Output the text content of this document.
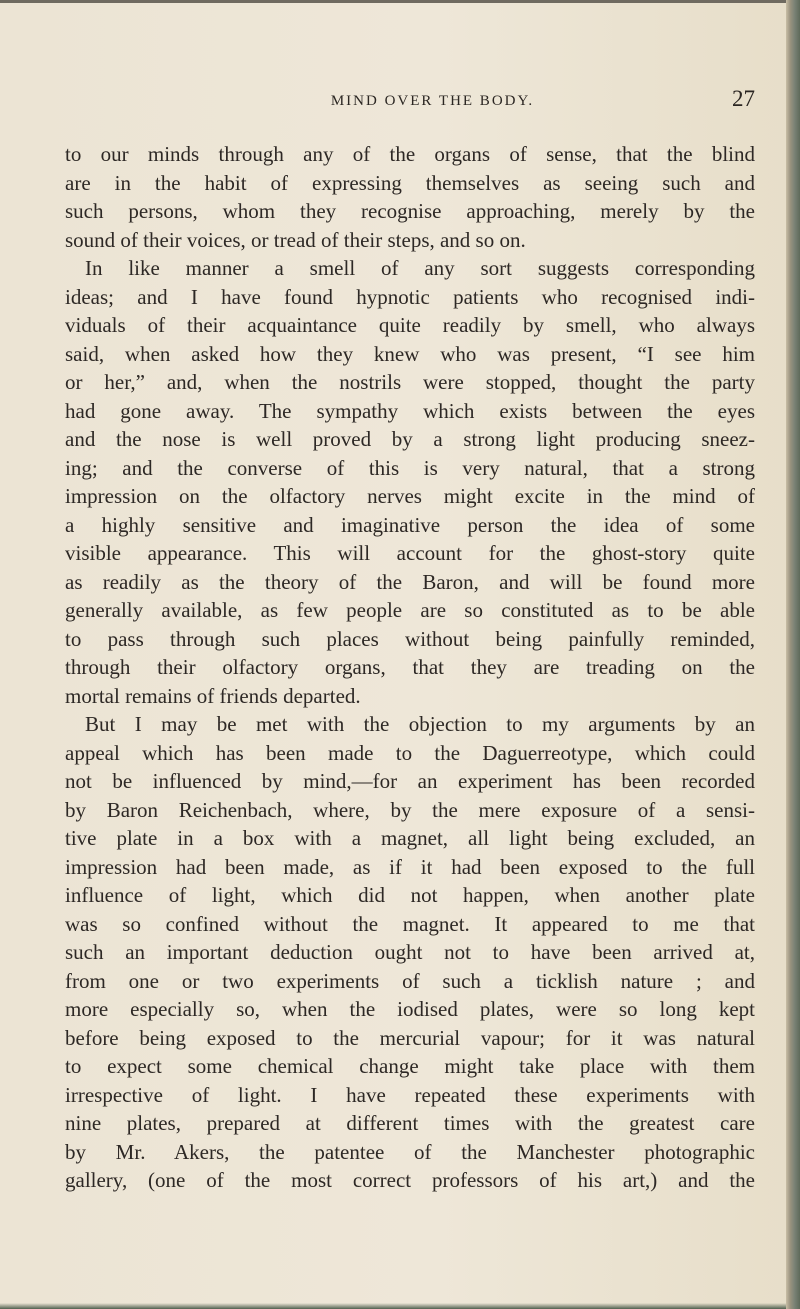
MIND OVER THE BODY.	27
to our minds through any of the organs of sense, that the blind
are in the habit of expressing themselves as seeing such and
such persons, whom they recognise approaching, merely by the
sound of their voices, or tread of their steps, and so on.
In like manner a smell of any sort suggests corresponding
ideas; and I have found hypnotic patients who recognised indi-
viduals of their acquaintance quite readily by smell, who always
said, when asked how they knew who was present, “I see him
or her,” and, when the nostrils were stopped, thought the party
had gone away. The sympathy which exists between the eyes
and the nose is well proved by a strong light producing sneez-
ing; and the converse of this is very natural, that a strong
impression on the olfactory nerves might excite in the mind of
a highly sensitive and imaginative person the idea of some
visible appearance. This will account for the ghost-story quite
as readily as the theory of the Baron, and will be found more
generally available, as few people are so constituted as to be able
to pass through such places without being painfully reminded,
through their olfactory organs, that they are treading on the
mortal remains of friends departed.
But I may be met with the objection to my arguments by an
appeal which has been made to the Daguerreotype, which could
not be influenced by mind,—for an experiment has been recorded
by Baron Reichenbach, where, by the mere exposure of a sensi-
tive plate in a box with a magnet, all light being excluded, an
impression had been made, as if it had been exposed to the full
influence of light, which did not happen, when another plate
was so confined without the magnet. It appeared to me that
such an important deduction ought not to have been arrived at,
from one or two experiments of such a ticklish nature ; and
more especially so, when the iodised plates, were so long kept
before being exposed to the mercurial vapour; for it was natural
to expect some chemical change might take place with them
irrespective of light. I have repeated these experiments with
nine plates, prepared at different times with the greatest care
by Mr. Akers, the patentee of the Manchester photographic
gallery, (one of the most correct professors of his art,) and the
